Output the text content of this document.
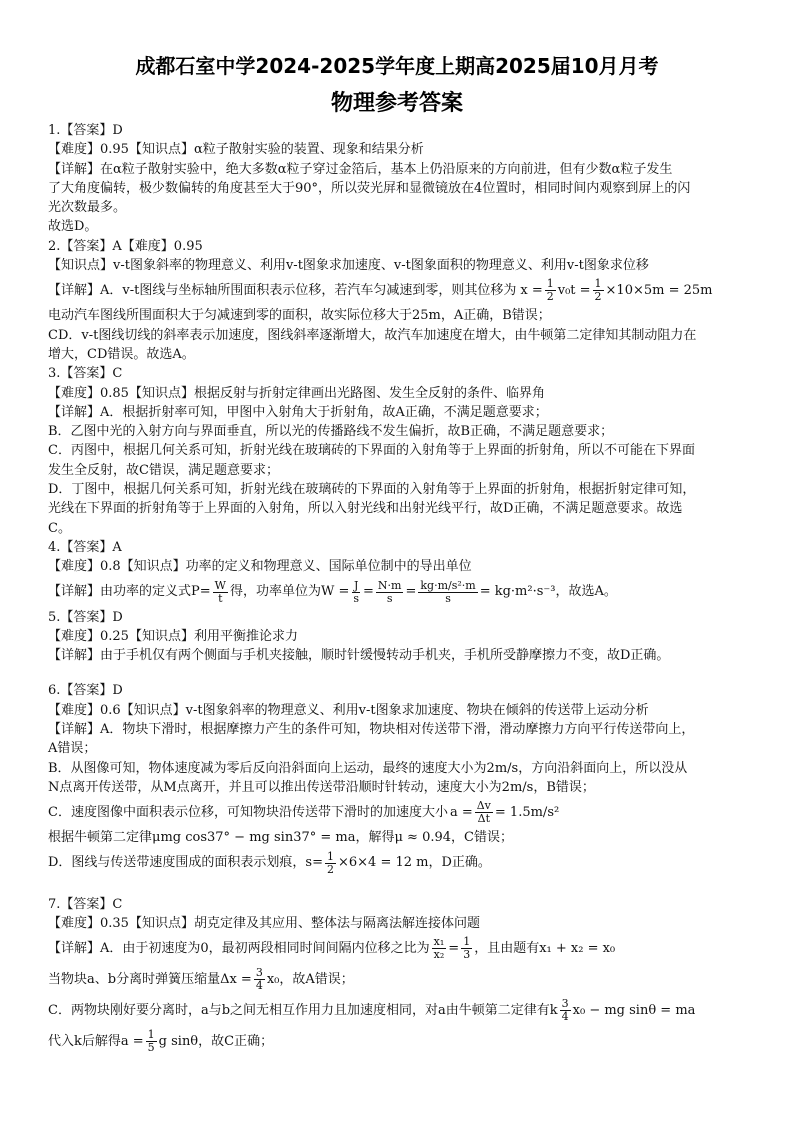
成都石室中学2024-2025学年度上期高2025届10月月考
物理参考答案
1.【答案】D
【难度】0.95【知识点】α粒子散射实验的装置、现象和结果分析
【详解】在α粒子散射实验中，绝大多数α粒子穿过金箔后，基本上仍沿原来的方向前进，但有少数α粒子发生
了大角度偏转，极少数偏转的角度甚至大于90°，所以荧光屏和显微镜放在4位置时，相同时间内观察到屏上的闪
光次数最多。
故选D。
2.【答案】A【难度】0.95
【知识点】v-t图象斜率的物理意义、利用v-t图象求加速度、v-t图象面积的物理意义、利用v-t图象求位移
【详解】A．v-t图线与坐标轴所围面积表示位移，若汽车匀减速到零，则其位移为 $x = \frac{1}{2} v_0t = \frac{1}{2} \times 10\times 5m = 25m$
电动汽车图线所围面积大于匀减速到零的面积，故实际位移大于25m，A正确，B错误；
CD．v-t图线切线的斜率表示加速度，图线斜率逐渐增大，故汽车加速度在增大，由牛顿第二定律知其制动阻力在
增大，CD错误。故选A。
3.【答案】C
【难度】0.85【知识点】根据反射与折射定律画出光路图、发生全反射的条件、临界角
【详解】A．根据折射率可知，甲图中入射角大于折射角，故A正确，不满足题意要求；
B．乙图中光的入射方向与界面垂直，所以光的传播路线不发生偏折，故B正确，不满足题意要求；
C．丙图中，根据几何关系可知，折射光线在玻璃砖的下界面的入射角等于上界面的折射角，所以不可能在下界面
发生全反射，故C错误，满足题意要求；
D．丁图中，根据几何关系可知，折射光线在玻璃砖的下界面的入射角等于上界面的折射角，根据折射定律可知，
光线在下界面的折射角等于上界面的入射角，所以入射光线和出射光线平行，故D正确，不满足题意要求。故选
C。
4.【答案】A
【难度】0.8【知识点】功率的定义和物理意义、国际单位制中的导出单位
【详解】由功率的定义式$P= \frac{W}{t}$ 得，功率单位为$W = \frac{J}{s} = \frac{N\cdot m}{s} = \frac{\text{kg·m/s²·m}}{s} = kg\cdot m^2\cdot s^{-3}$，故选A。
5.【答案】D
【难度】0.25【知识点】利用平衡推论求力
【详解】由于手机仅有两个侧面与手机夹接触，顺时针缓慢转动手机夹，手机所受静摩擦力不变，故D正确。
6.【答案】D
【难度】0.6【知识点】v-t图象斜率的物理意义、利用v-t图象求加速度、物块在倾斜的传送带上运动分析
【详解】A．物块下滑时，根据摩擦力产生的条件可知，物块相对传送带下滑，滑动摩擦力方向平行传送带向上，
A错误；
B．从图像可知，物体速度减为零后反向沿斜面向上运动，最终的速度大小为2m/s，方向沿斜面向上，所以没从
N点离开传送带，从M点离开，并且可以推出传送带沿顺时针转动，速度大小为2m/s，B错误；
C．速度图像中面积表示位移，可知物块沿传送带下滑时的加速度大小 $a = \frac{\Delta v}{\Delta t} = 1.5m/s^2$
根据牛顿第二定律μmg cos37° − mg sin37° = ma，解得μ ≈ 0.94，C错误；
D．图线与传送带速度围成的面积表示划痕，$s= \frac{1}{2} \times 6\times 4 = 12$ m，D正确。
7.【答案】C
【难度】0.35【知识点】胡克定律及其应用、整体法与隔离法解连接体问题
【详解】A．由于初速度为0，最初两段相同时间间隔内位移之比为 $\frac{\text{x₁}}{\text{x₂}} = \frac{1}{3}$ ，且由题有x₁ + x₂ = x₀
当物块a、b分离时弹簧压缩量$\Delta x = \frac{3}{4} x_0$，故A错误；
C．两物块刚好要分离时，a与b之间无相互作用力且加速度相同，对a由牛顿第二定律有k $\frac{3}{4} x_0$ − mg sinθ = ma
代入k后解得$a = \frac{1}{5}$ g sinθ，故C正确；
